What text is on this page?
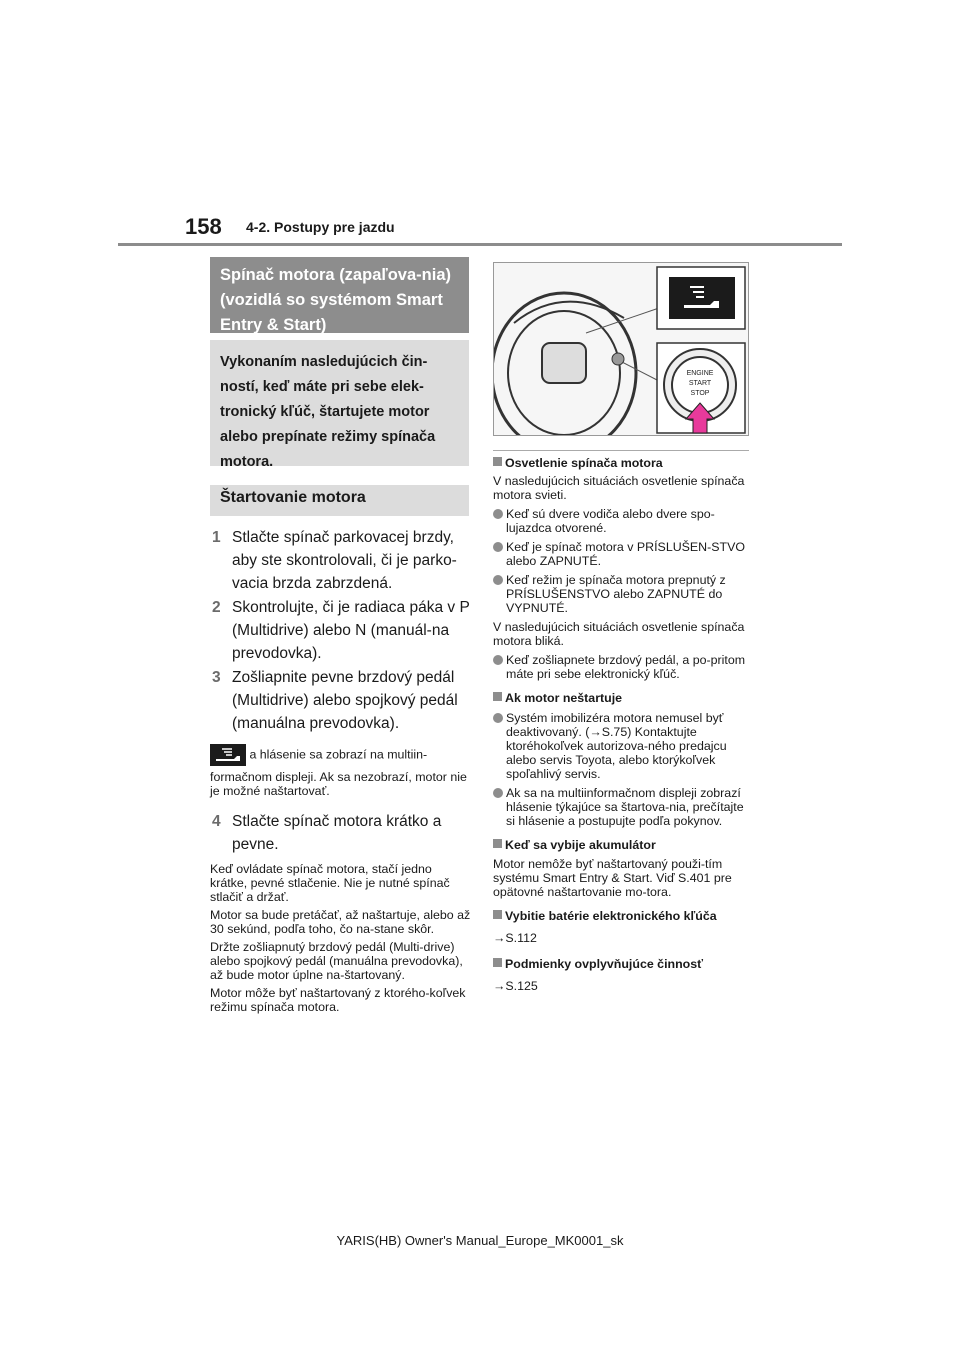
158 4-2. Postupy pre jazdu
Spínač motora (zapaľova-nia) (vozidlá so systémom Smart Entry & Start)
Vykonaním nasledujúcich čin-ností, keď máte pri sebe elek-tronický kľúč, štartujete motor alebo prepínate režimy spínača motora.
Štartovanie motora
1 Stlačte spínač parkovacej brzdy, aby ste skontrolovali, či je parko-vacia brzda zabrzdená.
2 Skontrolujte, či je radiaca páka v P (Multidrive) alebo N (manuál-na prevodovka).
3 Zošliapnite pevne brzdový pedál (Multidrive) alebo spojkový pedál (manuálna prevodovka).
a hlásenie sa zobrazí na multiin-
formačnom displeji. Ak sa nezobrazí, motor nie je možné naštartovať.
4 Stlačte spínač motora krátko a pevne.
Keď ovládate spínač motora, stačí jedno krátke, pevné stlačenie. Nie je nutné spínač stlačiť a držať.
Motor sa bude pretáčať, až naštartuje, alebo až 30 sekúnd, podľa toho, čo na-stane skôr.
Držte zošliapnutý brzdový pedál (Multi-drive) alebo spojkový pedál (manuálna prevodovka), až bude motor úplne na-štartovaný.
Motor môže byť naštartovaný z ktorého-koľvek režimu spínača motora.
ENGINE
START
STOP
Osvetlenie spínača motora
V nasledujúcich situáciách osvetlenie spínača motora svieti.
Keď sú dvere vodiča alebo dvere spo-lujazdca otvorené.
Keď je spínač motora v PRÍSLUŠEN-STVO alebo ZAPNUTÉ.
Keď režim je spínača motora prepnutý z PRÍSLUŠENSTVO alebo ZAPNUTÉ do VYPNUTÉ.
V nasledujúcich situáciách osvetlenie spínača motora bliká.
Keď zošliapnete brzdový pedál, a po-pritom máte pri sebe elektronický kľúč.
Ak motor neštartuje
Systém imobilizéra motora nemusel byť deaktivovaný. (→S.75) Kontaktujte ktoréhokoľvek autorizova-ného predajcu alebo servis Toyota, alebo ktorýkoľvek spoľahlivý servis.
Ak sa na multiinformačnom displeji zobrazí hlásenie týkajúce sa štartova-nia, prečítajte si hlásenie a postupujte podľa pokynov.
Keď sa vybije akumulátor
Motor nemôže byť naštartovaný použi-tím systému Smart Entry & Start. Viď S.401 pre opätovné naštartovanie mo-tora.
Vybitie batérie elektronického kľúča
→S.112
Podmienky ovplyvňujúce činnosť
→S.125
YARIS(HB) Owner's Manual_Europe_MK0001_sk
